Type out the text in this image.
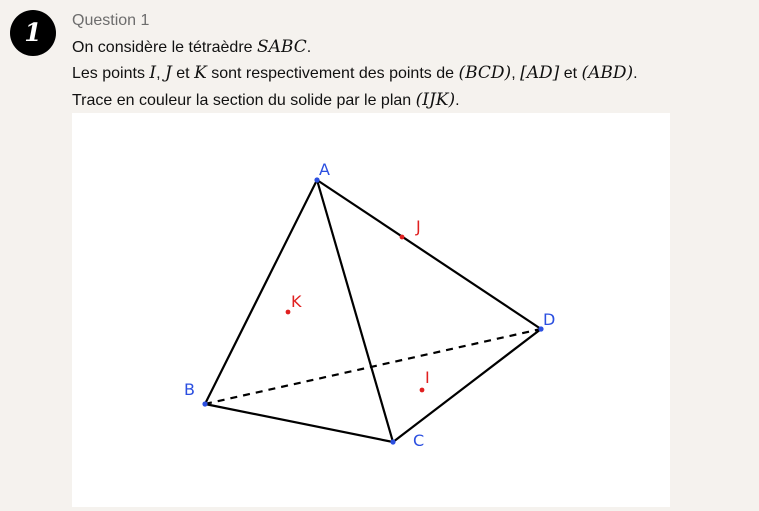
1	Question 1
On considère le tétraèdre SABC.
Les points I, J et K sont respectivement des points de (BCD), [AD] et (ABD).
Trace en couleur la section du solide par le plan (IJK).
A
B
C
D
J
K
I
